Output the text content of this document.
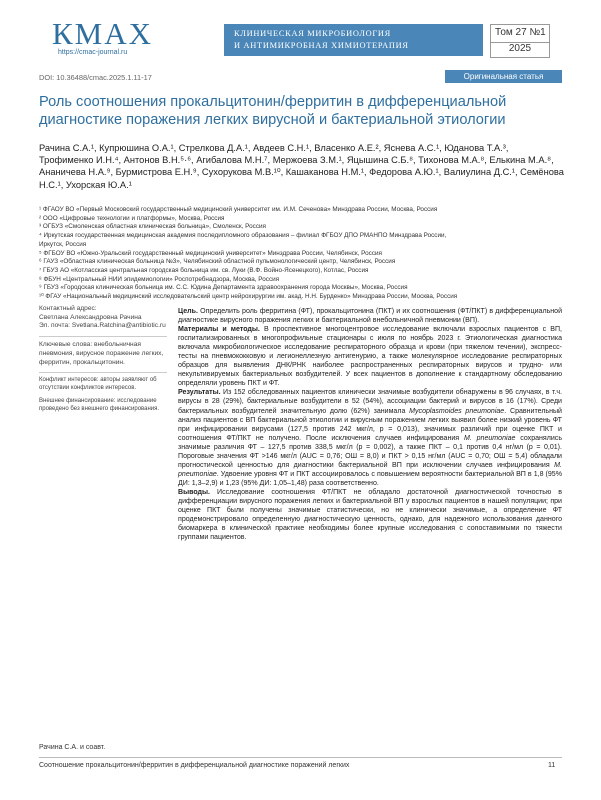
КМАХ
https://cmac-journal.ru
КЛИНИЧЕСКАЯ МИКРОБИОЛОГИЯ
И АНТИМИКРОБНАЯ ХИМИОТЕРАПИЯ
Том 27 №1
2025
DOI: 10.36488/cmac.2025.1.11-17	Оригинальная статья
Роль соотношения прокальцитонин/ферритин в дифференциальной диагностике поражения легких вирусной и бактериальной этиологии
Рачина С.А.¹, Купрюшина О.А.¹, Стрелкова Д.А.¹, Авдеев С.Н.¹, Власенко А.Е.², Яснева А.С.¹, Юданова Т.А.³, Трофименко И.Н.⁴, Антонов В.Н.⁵·⁶, Агибалова М.Н.⁷, Мержоева З.М.¹, Яцышина С.Б.⁸, Тихонова М.А.⁸, Елькина М.А.⁸, Ананичева Н.А.⁹, Бурмистрова Е.Н.⁹, Сухорукова М.В.¹⁰, Кашаканова Н.М.¹, Федорова А.Ю.¹, Валиулина Д.С.¹, Семёнова Н.С.¹, Ухорская Ю.А.¹
¹ ФГАОУ ВО «Первый Московский государственный медицинский университет им. И.М. Сеченова» Минздрава России, Москва, Россия
² ООО «Цифровые технологии и платформы», Москва, Россия
³ ОГБУЗ «Смоленская областная клиническая больница», Смоленск, Россия
⁴ Иркутская государственная медицинская академия последипломного образования – филиал ФГБОУ ДПО РМАНПО Минздрава России,
Иркутск, Россия
⁵ ФГБОУ ВО «Южно-Уральский государственный медицинский университет» Минздрава России, Челябинск, Россия
⁶ ГАУЗ «Областная клиническая больница №3», Челябинский областной пульмонологический центр, Челябинск, Россия
⁷ ГБУЗ АО «Котласская центральная городская больница им. св. Луки (В.Ф. Войно-Ясенецкого), Котлас, Россия
⁸ ФБУН «Центральный НИИ эпидемиологии» Роспотребнадзора, Москва, Россия
⁹ ГБУЗ «Городская клиническая больница им. С.С. Юдина Департамента здравоохранения города Москвы», Москва, Россия
¹⁰ ФГАУ «Национальный медицинский исследовательский центр нейрохирургии им. акад. Н.Н. Бурденко» Минздрава России, Москва, Россия
Контактный адрес:
Светлана Александровна Рачина
Эл. почта: Svetlana.Ratchina@antibiotic.ru
Ключевые слова: внебольничная пневмония, вирусное поражение легких, ферритин, прокальцитонин.
Конфликт интересов: авторы заявляют об отсутствии конфликтов интересов.
Внешнее финансирование: исследование проведено без внешнего финансирования.

Цель. Определить роль ферритина (ФТ), прокальцитонина (ПКТ) и их соотношения (ФТ/ПКТ) в дифференциальной диагностике вирусного поражения легких и бактериальной внебольничной пневмонии (ВП).

Материалы и методы. В проспективное многоцентровое исследование включали взрослых пациентов с ВП, госпитализированных в многопрофильные стационары с июля по ноябрь 2023 г. Этиологическая диагностика включала микробиологическое исследование респираторного образца и крови (при тяжелом течении), экспресс-тесты на пневмококковую и легионеллезную антигенурию, а также молекулярное исследование респираторных образцов для выявления ДНК/РНК наиболее распространенных респираторных вирусов и трудно- или некультивируемых бактериальных возбудителей. У всех пациентов в дополнение к стандартному обследованию определяли уровень ПКТ и ФТ.

Результаты. Из 152 обследованных пациентов клинически значимые возбудители обнаружены в 96 случаях, в т.ч. вирусы в 28 (29%), бактериальные возбудители в 52 (54%), ассоциации бактерий и вирусов в 16 (17%). Среди бактериальных возбудителей значительную долю (62%) занимала Mycoplasmoides pneumoniae. Сравнительный анализ пациентов с ВП бактериальной этиологии и вирусным поражением легких выявил более низкий уровень ФТ при инфицировании вирусами (127,5 против 242 мкг/л, p = 0,013), значимых различий при оценке ПКТ и соотношения ФТ/ПКТ не получено. После исключения случаев инфицирования M. pneumoniae сохранялись значимые различия ФТ – 127,5 против 338,5 мкг/л (p = 0,002), а также ПКТ – 0,1 против 0,4 нг/мл (p = 0,01). Пороговые значения ФТ >146 мкг/л (AUC = 0,76; ОШ = 8,0) и ПКТ > 0,15 нг/мл (AUC = 0,70; ОШ = 5,4) обладали прогностической ценностью для диагностики бактериальной ВП при исключении случаев инфицирования M. pneumoniae. Удвоение уровня ФТ и ПКТ ассоциировалось с повышением вероятности бактериальной ВП в 1,8 (95% ДИ: 1,3–2,9) и 1,23 (95% ДИ: 1,05–1,48) раза соответственно.

Выводы. Исследование соотношения ФТ/ПКТ не обладало достаточной диагностической точностью в дифференциации вирусного поражения легких и бактериальной ВП у взрослых пациентов в нашей популяции; при оценке ПКТ были получены значимые статистически, но не клинически значимые, а определение ФТ продемонстрировало определенную диагностическую ценность, однако, для надежного использования данного биомаркера в клинической практике необходимы более крупные исследования с сопоставимыми по тяжести группами пациентов.

Рачина С.А. и соавт.
Соотношение прокальцитонин/ферритин в дифференциальной диагностике поражений легких	11
